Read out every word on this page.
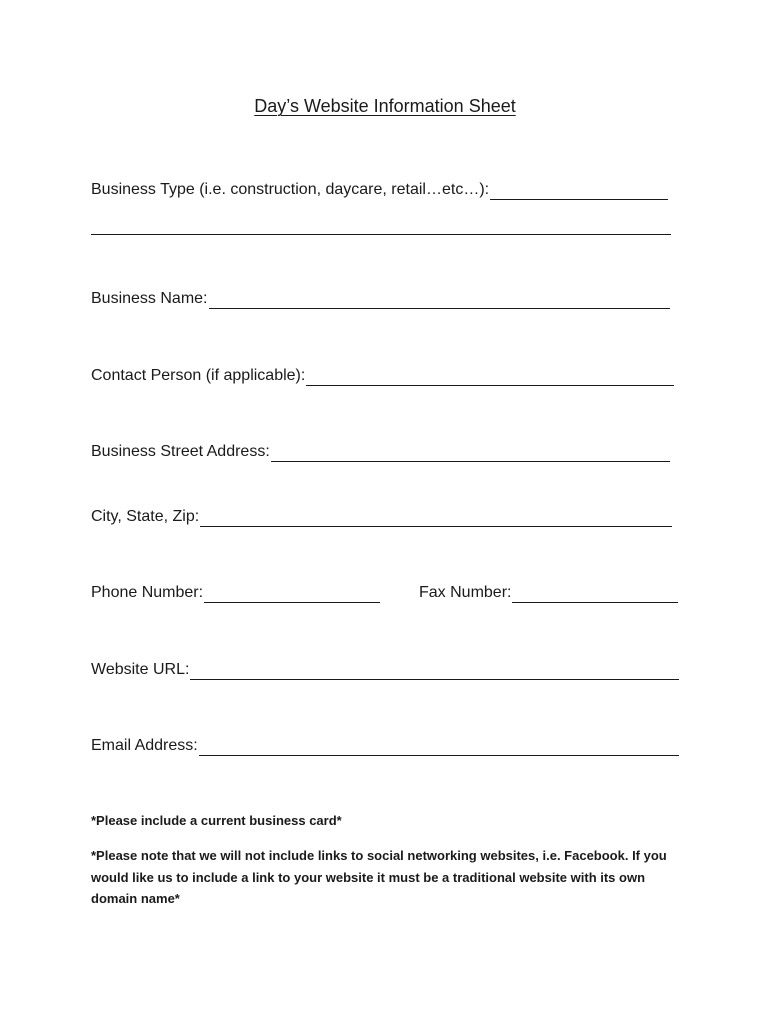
Day’s Website Information Sheet
Business Type (i.e. construction, daycare, retail…etc…):
Business Name:
Contact Person (if applicable):
Business Street Address:
City, State, Zip:
Phone Number:	Fax Number:
Website URL:
Email Address:

*Please include a current business card*

*Please note that we will not include links to social networking websites, i.e. Facebook. If you would like us to include a link to your website it must be a traditional website with its own domain name*
